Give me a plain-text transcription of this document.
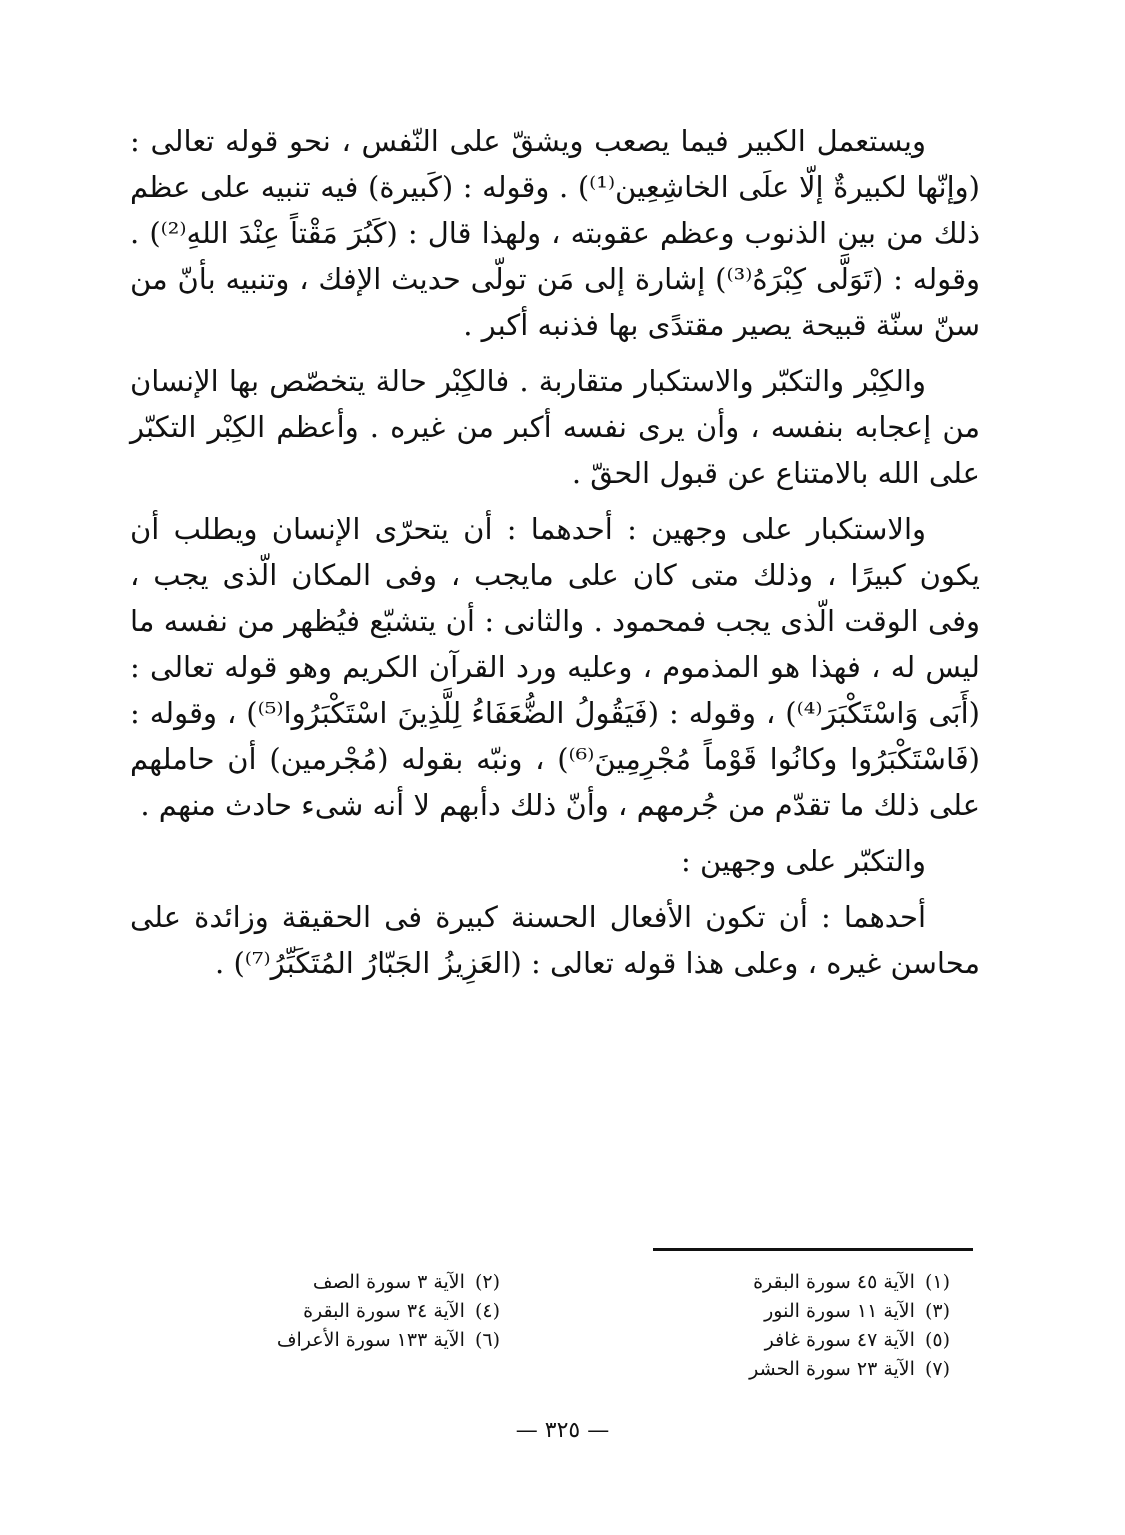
ويستعمل الكبير فيما يصعب ويشقّ على النّفس ، نحو قوله تعالى : (وإنّها لكبيرةٌ إلّا علَى الخاشِعِين⁽¹⁾) . وقوله : (كَبيرة) فيه تنبيه على عظم ذلك من بين الذنوب وعظم عقوبته ، ولهذا قال : (كَبُرَ مَقْتاً عِنْدَ اللهِ⁽²⁾) . وقوله : (تَوَلَّى كِبْرَهُ⁽³⁾) إشارة إلى مَن تولّى حديث الإفك ، وتنبيه بأنّ من سنّ سنّة قبيحة يصير مقتدًى بها فذنبه أكبر .

والكِبْر والتكبّر والاستكبار متقاربة . فالكِبْر حالة يتخصّص بها الإنسان من إعجابه بنفسه ، وأن يرى نفسه أكبر من غيره . وأعظم الكِبْر التكبّر على الله بالامتناع عن قبول الحقّ .

والاستكبار على وجهين : أحدهما : أن يتحرّى الإنسان ويطلب أن يكون كبيرًا ، وذلك متى كان على مايجب ، وفى المكان الّذى يجب ، وفى الوقت الّذى يجب فمحمود . والثانى : أن يتشبّع فيُظهر من نفسه ما ليس له ، فهذا هو المذموم ، وعليه ورد القرآن الكريم وهو قوله تعالى : (أَبَى وَاسْتَكْبَرَ⁽⁴⁾) ، وقوله : (فَيَقُولُ الضُّعَفَاءُ لِلَّذِينَ اسْتَكْبَرُوا⁽⁵⁾) ، وقوله : (فَاسْتَكْبَرُوا وكانُوا قَوْماً مُجْرِمِينَ⁽⁶⁾) ، ونبّه بقوله (مُجْرمين) أن حاملهم على ذلك ما تقدّم من جُرمهم ، وأنّ ذلك دأبهم لا أنه شىء حادث منهم .

والتكبّر على وجهين :

أحدهما : أن تكون الأفعال الحسنة كبيرة فى الحقيقة وزائدة على محاسن غيره ، وعلى هذا قوله تعالى : (العَزِيزُ الجَبّارُ المُتَكَبِّرُ⁽⁷⁾) .

(١)
الآية ٤٥ سورة البقرة
(٣)
الآية ١١ سورة النور
(٥)
الآية ٤٧ سورة غافر
(٧)
الآية ٢٣ سورة الحشر
(٢)
الآية ٣ سورة الصف
(٤)
الآية ٣٤ سورة البقرة
(٦)
الآية ١٣٣ سورة الأعراف
— ٣٢٥ —
